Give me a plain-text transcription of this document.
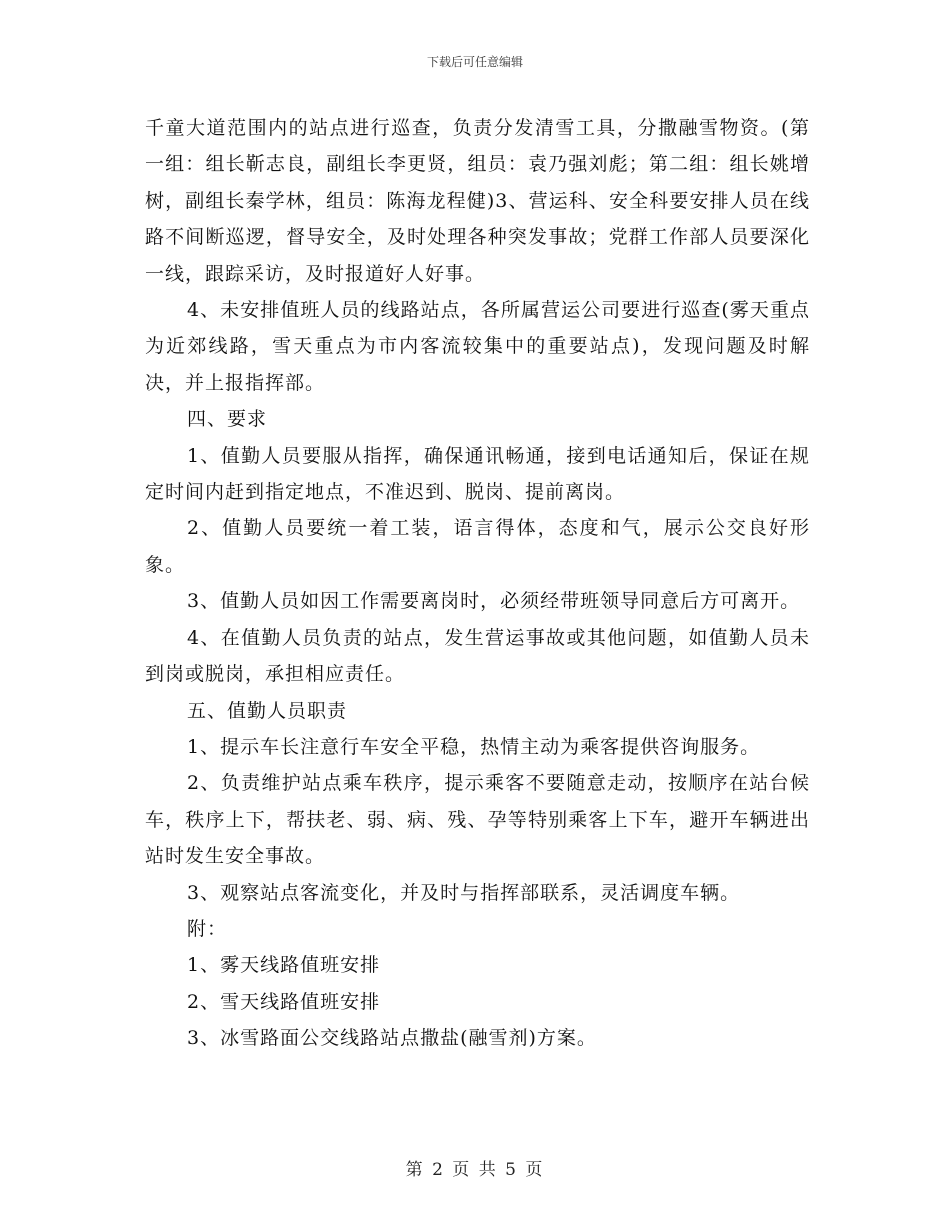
下载后可任意编辑

千童大道范围内的站点进行巡查，负责分发清雪工具，分撒融雪物资。(第一组：组长靳志良，副组长李更贤，组员：袁乃强刘彪；第二组：组长姚增树，副组长秦学林，组员：陈海龙程健)3、营运科、安全科要安排人员在线路不间断巡逻，督导安全，及时处理各种突发事故；党群工作部人员要深化一线，跟踪采访，及时报道好人好事。

4、未安排值班人员的线路站点，各所属营运公司要进行巡查(雾天重点为近郊线路，雪天重点为市内客流较集中的重要站点)，发现问题及时解决，并上报指挥部。

四、要求

1、值勤人员要服从指挥，确保通讯畅通，接到电话通知后，保证在规定时间内赶到指定地点，不准迟到、脱岗、提前离岗。

2、值勤人员要统一着工装，语言得体，态度和气，展示公交良好形象。

3、值勤人员如因工作需要离岗时，必须经带班领导同意后方可离开。

4、在值勤人员负责的站点，发生营运事故或其他问题，如值勤人员未到岗或脱岗，承担相应责任。

五、值勤人员职责

1、提示车长注意行车安全平稳，热情主动为乘客提供咨询服务。

2、负责维护站点乘车秩序，提示乘客不要随意走动，按顺序在站台候车，秩序上下，帮扶老、弱、病、残、孕等特别乘客上下车，避开车辆进出站时发生安全事故。

3、观察站点客流变化，并及时与指挥部联系，灵活调度车辆。

附：

1、雾天线路值班安排

2、雪天线路值班安排

3、冰雪路面公交线路站点撒盐(融雪剂)方案。

第 2 页 共 5 页
